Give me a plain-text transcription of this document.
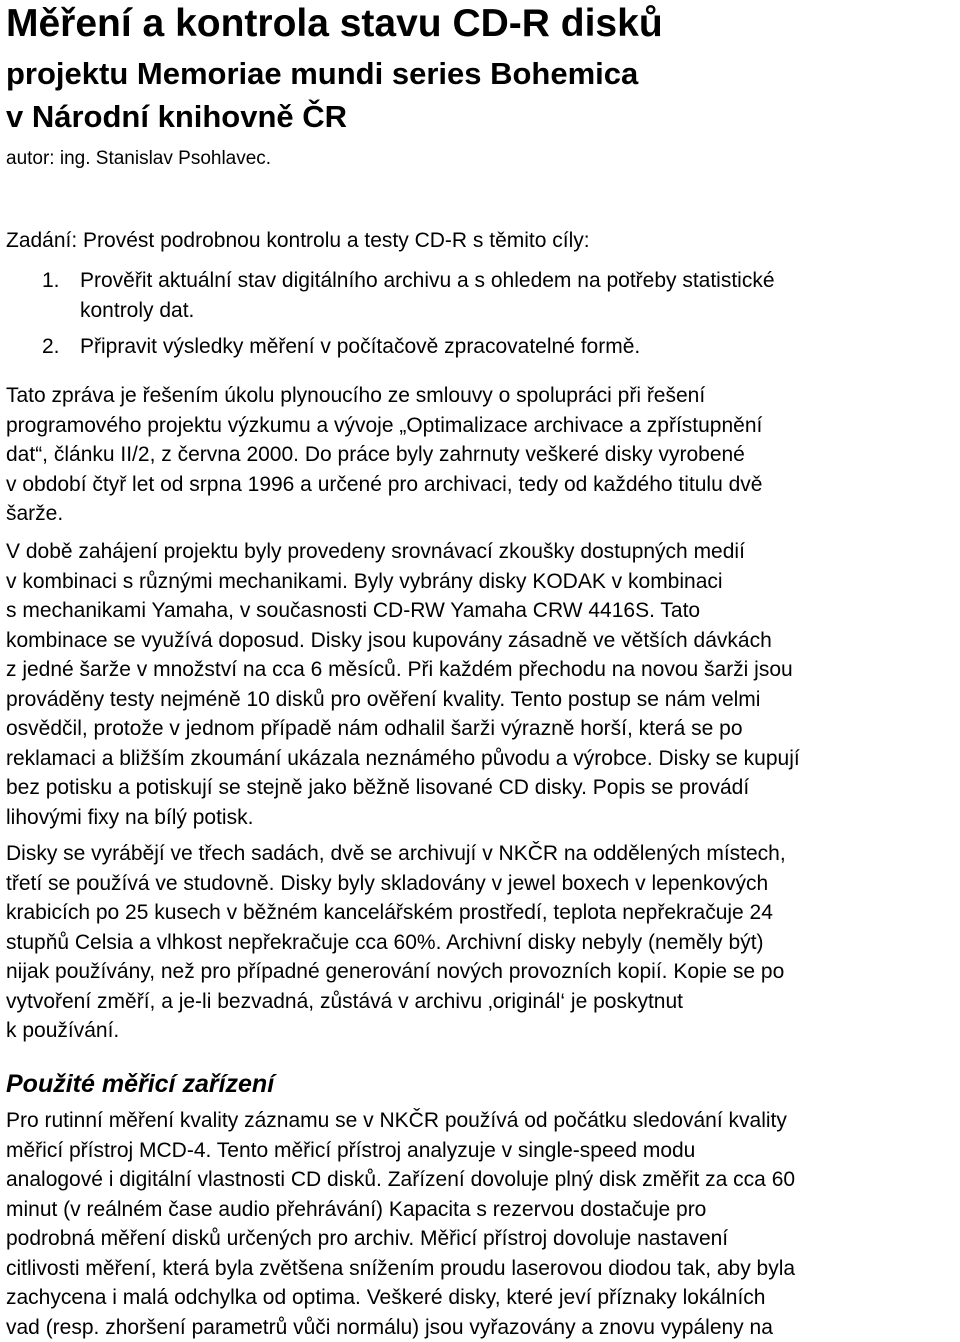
Měření a kontrola stavu CD-R disků
projektu Memoriae mundi series Bohemica
v Národní knihovně ČR
autor: ing. Stanislav Psohlavec.
Zadání: Provést podrobnou kontrolu a testy CD-R s těmito cíly:
1. Prověřit aktuální stav digitálního archivu a s ohledem na potřeby statistické
kontroly dat.
2. Připravit výsledky měření v počítačově zpracovatelné formě.

Tato zpráva je řešením úkolu plynoucího ze smlouvy o spolupráci při řešení
programového projektu výzkumu a vývoje „Optimalizace archivace a zpřístupnění
dat“, článku II/2, z června 2000. Do práce byly zahrnuty veškeré disky vyrobené
v období čtyř let od srpna 1996 a určené pro archivaci, tedy od každého titulu dvě
šarže.

V době zahájení projektu byly provedeny srovnávací zkoušky dostupných medií
v kombinaci s různými mechanikami. Byly vybrány disky KODAK v kombinaci
s mechanikami Yamaha, v současnosti CD-RW Yamaha CRW 4416S. Tato
kombinace se využívá doposud. Disky jsou kupovány zásadně ve větších dávkách
z jedné šarže v množství na cca 6 měsíců. Při každém přechodu na novou šarži jsou
prováděny testy nejméně 10 disků pro ověření kvality. Tento postup se nám velmi
osvědčil, protože v jednom případě nám odhalil šarži výrazně horší, která se po
reklamaci a bližším zkoumání ukázala neznámého původu a výrobce. Disky se kupují
bez potisku a potiskují se stejně jako běžně lisované CD disky. Popis se provádí
lihovými fixy na bílý potisk.

Disky se vyrábějí ve třech sadách, dvě se archivují v NKČR na oddělených místech,
třetí se používá ve studovně. Disky byly skladovány v jewel boxech v lepenkových
krabicích po 25 kusech v běžném kancelářském prostředí, teplota nepřekračuje 24
stupňů Celsia a vlhkost nepřekračuje cca 60%. Archivní disky nebyly (neměly být)
nijak používány, než pro případné generování nových provozních kopií. Kopie se po
vytvoření změří, a je-li bezvadná, zůstává v archivu ‚originál‘ je poskytnut
k používání.

Použité měřicí zařízení

Pro rutinní měření kvality záznamu se v NKČR používá od počátku sledování kvality
měřicí přístroj MCD-4. Tento měřicí přístroj analyzuje v single-speed modu
analogové i digitální vlastnosti CD disků. Zařízení dovoluje plný disk změřit za cca 60
minut (v reálném čase audio přehrávání) Kapacita s rezervou dostačuje pro
podrobná měření disků určených pro archiv. Měřicí přístroj dovoluje nastavení
citlivosti měření, která byla zvětšena snížením proudu laserovou diodou tak, aby byla
zachycena i malá odchylka od optima. Veškeré disky, které jeví příznaky lokálních
vad (resp. zhoršení parametrů vůči normálu) jsou vyřazovány a znovu vypáleny na
